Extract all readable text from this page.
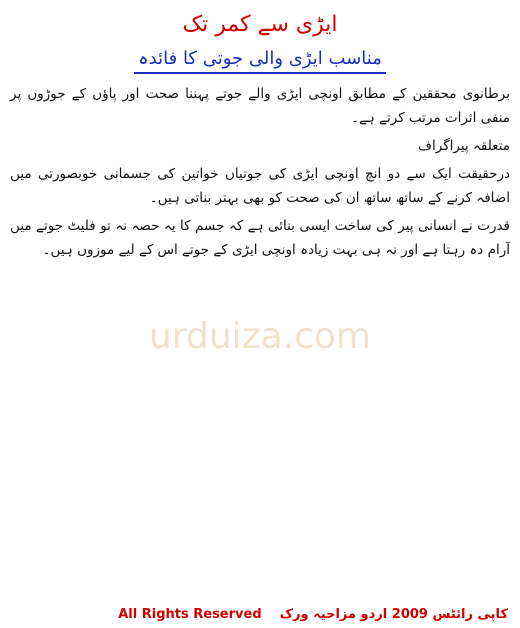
ایڑی سے کمر تک
مناسب ایڑی والی جوتی کا فائدہ

برطانوی محققین کے مطابق اونچی ایڑی والے جوتے پہننا صحت اور پاؤں کے جوڑوں پر منفی اثرات مرتب کرتے ہے۔

متعلقہ پیراگراف

درحقیقت ایک سے دو انچ اونچی ایڑی کی جوتیاں خواتین کی جسمانی خوبصورتی میں اضافہ کرنے کے ساتھ ساتھ ان کی صحت کو بھی بہتر بناتی ہیں۔

قدرت نے انسانی پیر کی ساخت ایسی بنائی ہے کہ جسم کا یہ حصہ نہ تو فلیٹ جوتے میں آرام دہ رہتا ہے اور نہ ہی بہت زیادہ اونچی ایڑی کے جوتے اس کے لیے موزوں ہیں۔

urduiza.com
All Rights Reserved کاپی رائٹس 2009 اردو مزاحیہ ورک
